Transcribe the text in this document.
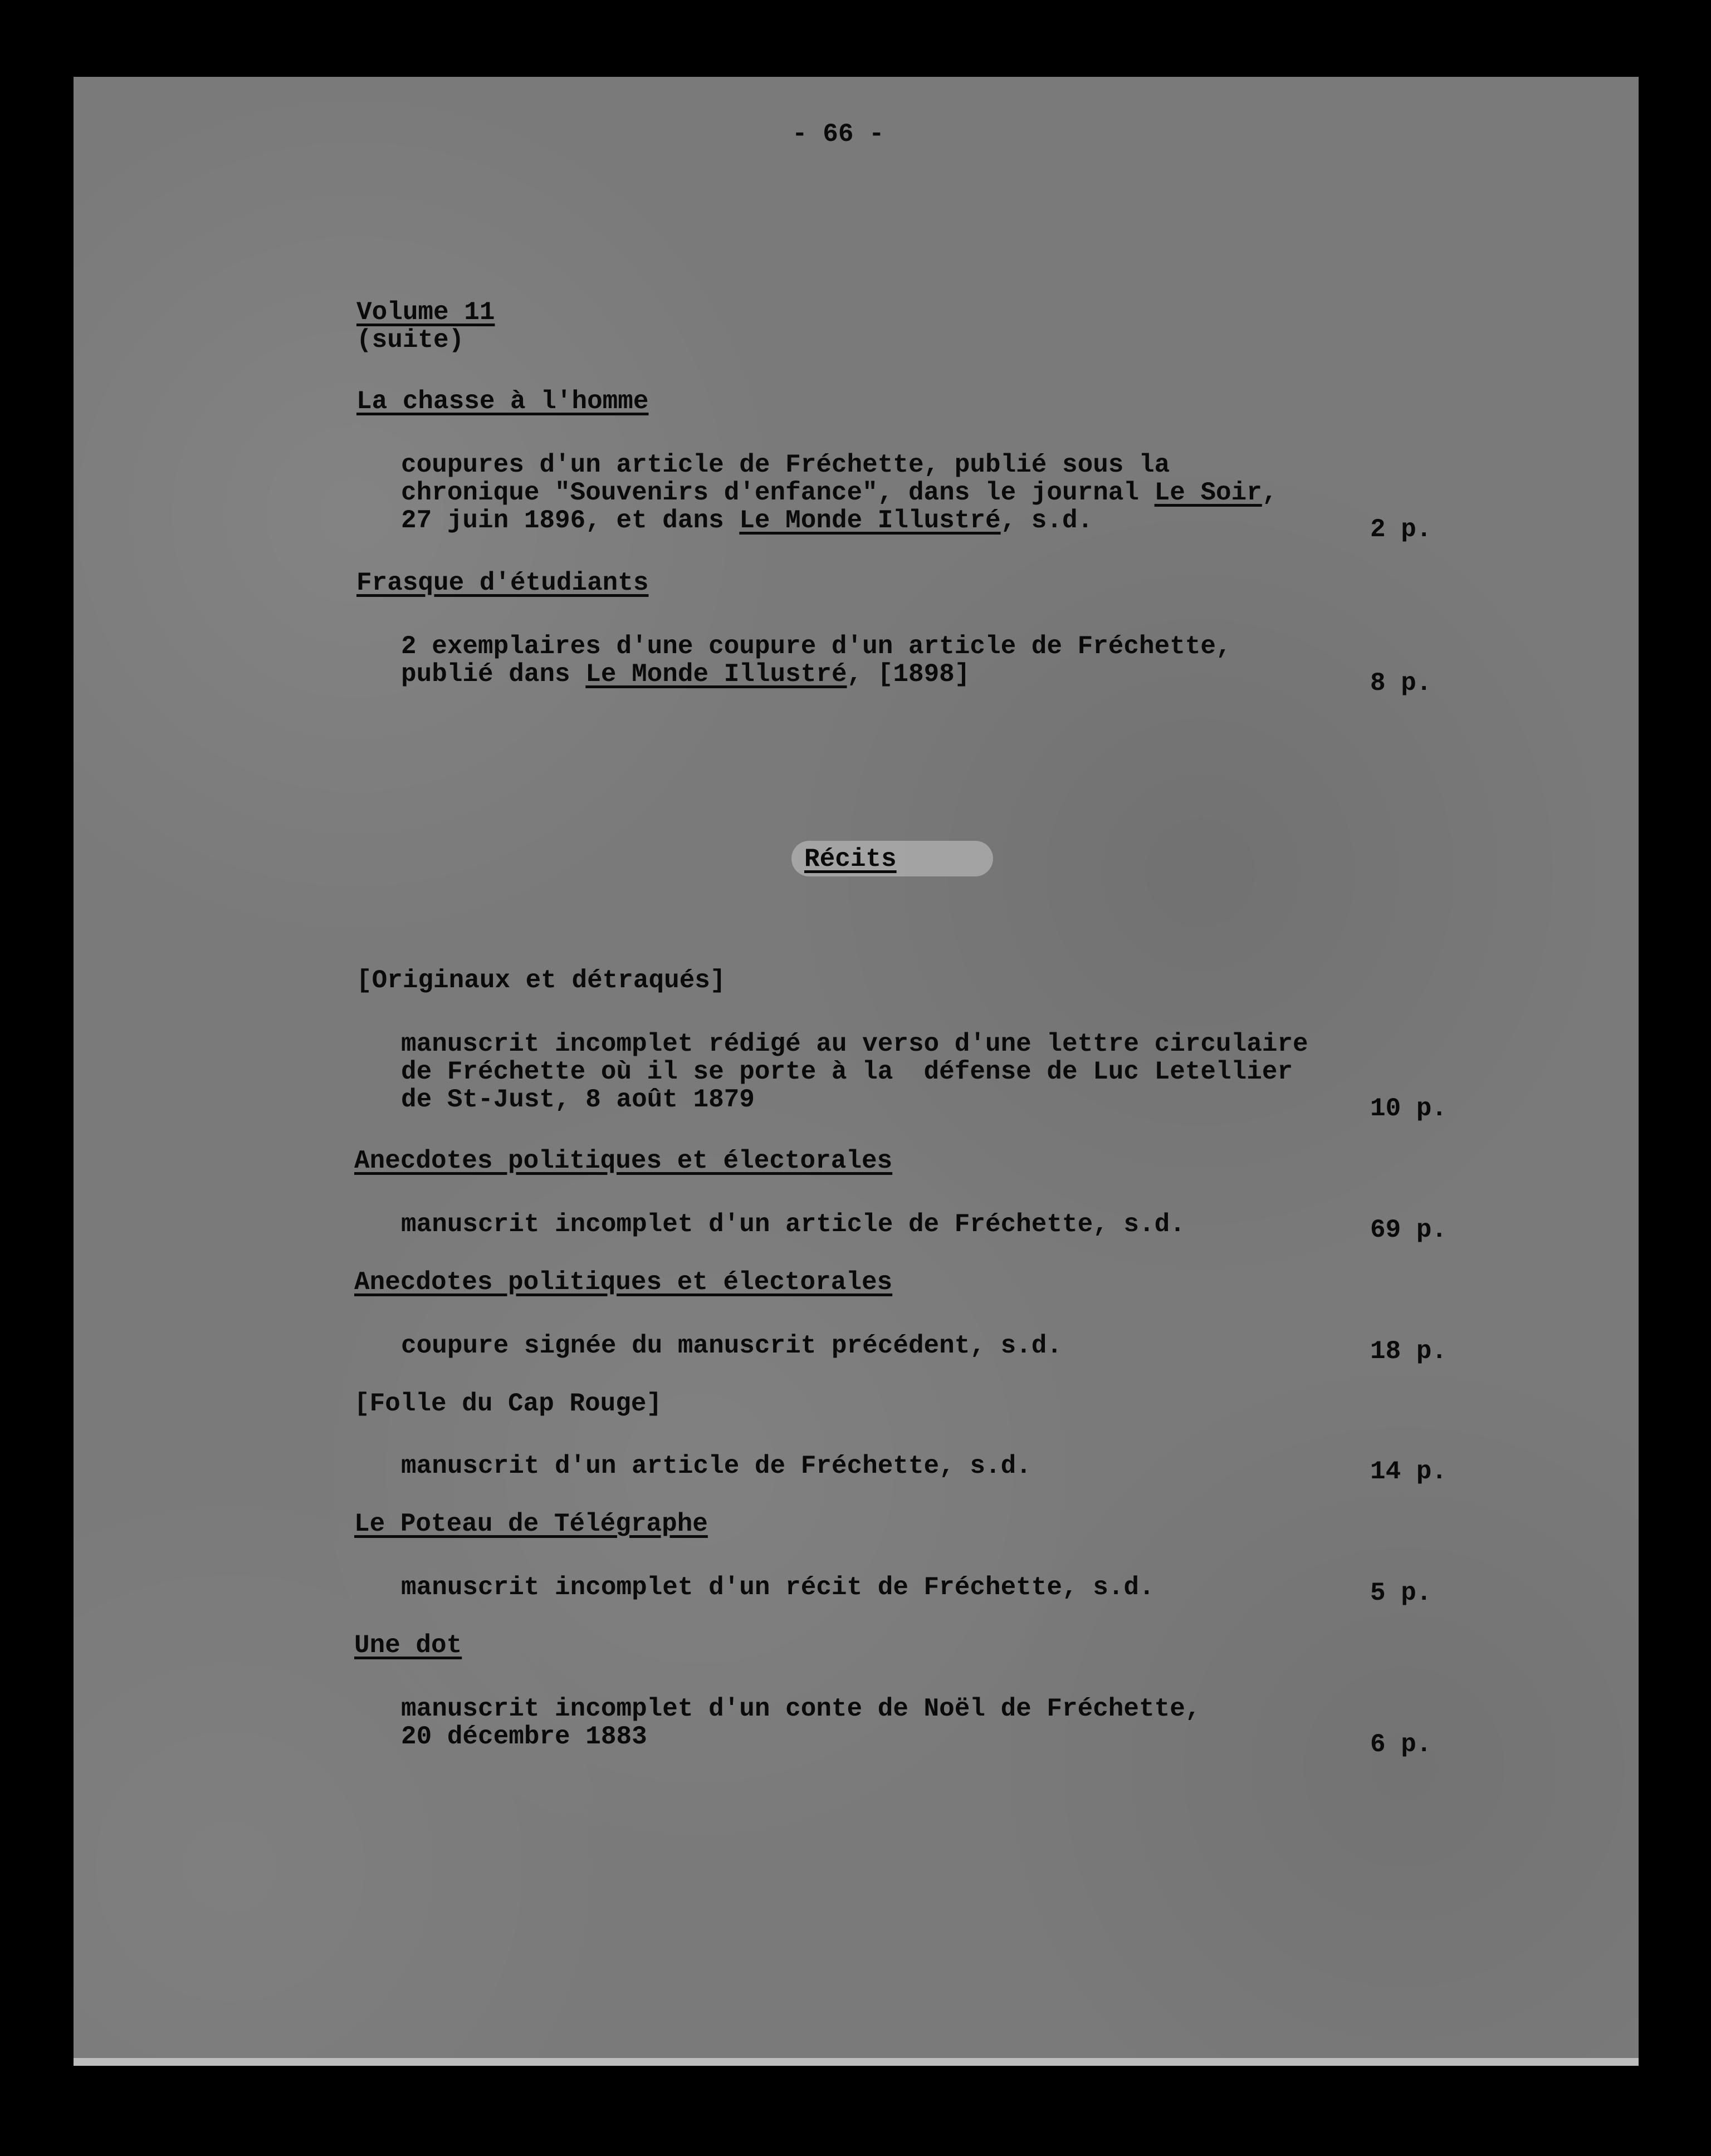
- 66 -
Volume 11
(suite)
La chasse à l'homme
coupures d'un article de Fréchette, publié sous la
chronique "Souvenirs d'enfance", dans le journal Le Soir,
27 juin 1896, et dans Le Monde Illustré, s.d.	2 p.
Frasque d'étudiants
2 exemplaires d'une coupure d'un article de Fréchette,
publié dans Le Monde Illustré, [1898]	8 p.
Récits
[Originaux et détraqués]
manuscrit incomplet rédigé au verso d'une lettre circulaire
de Fréchette où il se porte à la  défense de Luc Letellier
de St-Just, 8 août 1879	10 p.
Anecdotes politiques et électorales
manuscrit incomplet d'un article de Fréchette, s.d.	69 p.
Anecdotes politiques et électorales
coupure signée du manuscrit précédent, s.d.	18 p.
[Folle du Cap Rouge]
manuscrit d'un article de Fréchette, s.d.	14 p.
Le Poteau de Télégraphe
manuscrit incomplet d'un récit de Fréchette, s.d.	5 p.
Une dot
manuscrit incomplet d'un conte de Noël de Fréchette,
20 décembre 1883	6 p.
